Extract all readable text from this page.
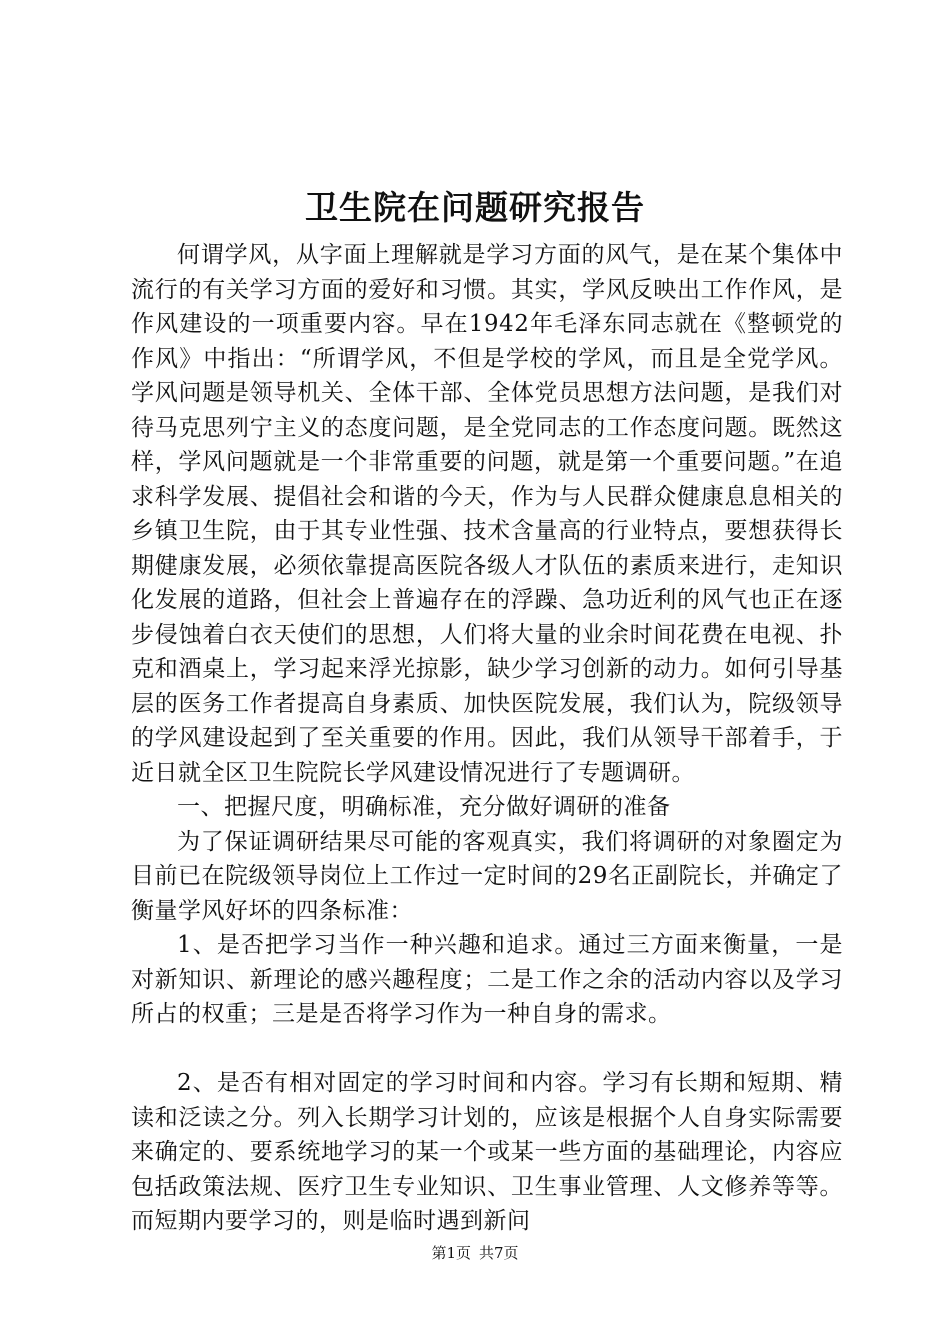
卫生院在问题研究报告

何谓学风，从字面上理解就是学习方面的风气，是在某个集体中流行的有关学习方面的爱好和习惯。其实，学风反映出工作作风，是作风建设的一项重要内容。早在1942年毛泽东同志就在《整顿党的作风》中指出：“所谓学风，不但是学校的学风，而且是全党学风。学风问题是领导机关、全体干部、全体党员思想方法问题，是我们对待马克思列宁主义的态度问题，是全党同志的工作态度问题。既然这样，学风问题就是一个非常重要的问题，就是第一个重要问题。”在追求科学发展、提倡社会和谐的今天，作为与人民群众健康息息相关的乡镇卫生院，由于其专业性强、技术含量高的行业特点，要想获得长期健康发展，必须依靠提高医院各级人才队伍的素质来进行，走知识化发展的道路，但社会上普遍存在的浮躁、急功近利的风气也正在逐步侵蚀着白衣天使们的思想，人们将大量的业余时间花费在电视、扑克和酒桌上，学习起来浮光掠影，缺少学习创新的动力。如何引导基层的医务工作者提高自身素质、加快医院发展，我们认为，院级领导的学风建设起到了至关重要的作用。因此，我们从领导干部着手，于近日就全区卫生院院长学风建设情况进行了专题调研。

一、把握尺度，明确标准，充分做好调研的准备

为了保证调研结果尽可能的客观真实，我们将调研的对象圈定为目前已在院级领导岗位上工作过一定时间的29名正副院长，并确定了衡量学风好坏的四条标准：

1、是否把学习当作一种兴趣和追求。通过三方面来衡量，一是对新知识、新理论的感兴趣程度；二是工作之余的活动内容以及学习所占的权重；三是是否将学习作为一种自身的需求。

2、是否有相对固定的学习时间和内容。学习有长期和短期、精读和泛读之分。列入长期学习计划的，应该是根据个人自身实际需要来确定的、要系统地学习的某一个或某一些方面的基础理论，内容应包括政策法规、医疗卫生专业知识、卫生事业管理、人文修养等等。而短期内要学习的，则是临时遇到新问

第1页 共7页
